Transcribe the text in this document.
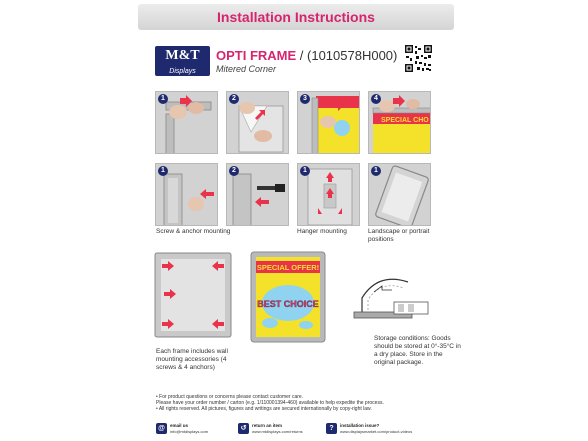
Installation Instructions
M&T
Displays
OPTI FRAME / (1010578H000)
Mitered Corner
1	2	3	4
SPECIAL CHO
1	2	1	1
Screw & anchor mounting	Hanger mounting	Landscape or portrait positions
SPECIAL OFFER!
BEST CHOICE
Each frame includes wall mounting accessories (4 screws & 4 anchors)
Storage conditions: Goods should be stored at 0°-35°C in a dry place. Store in the original package.
• For product questions or concerns please contact customer care.
Please have your order number / carton (e.g. 1/110001394-460) available to help expedite the process.
• All rights reserved. All pictures, figures and writings are secured internationally by copy-right law.
@	email us
info@mtdisplays.com	↺	return an item
www.mtdisplays.com/returns	?	installation issue?
www.displaysmarket.com/product-videos
